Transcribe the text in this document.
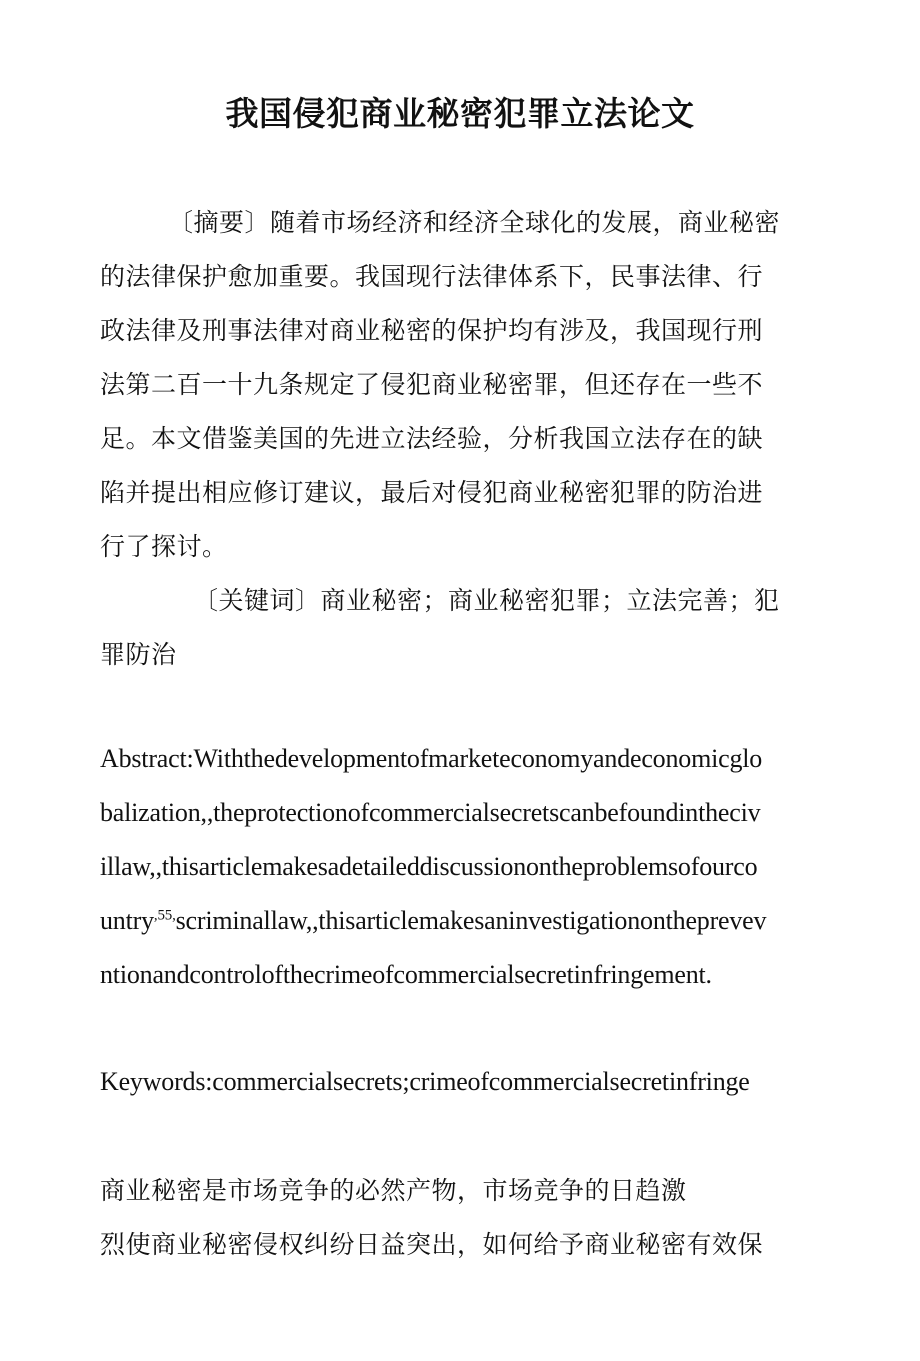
我国侵犯商业秘密犯罪立法论文

〔摘要〕随着市场经济和经济全球化的发展，商业秘密

的法律保护愈加重要。我国现行法律体系下，民事法律、行

政法律及刑事法律对商业秘密的保护均有涉及，我国现行刑

法第二百一十九条规定了侵犯商业秘密罪，但还存在一些不

足。本文借鉴美国的先进立法经验，分析我国立法存在的缺

陷并提出相应修订建议，最后对侵犯商业秘密犯罪的防治进

行了探讨。

〔关键词〕商业秘密；商业秘密犯罪；立法完善；犯

罪防治

Abstract:Withthedevelopmentofmarketeconomyandeconomicglo

balization,,theprotectionofcommercialsecretscanbefoundintheciv

illaw,,thisarticlemakesadetaileddiscussionontheproblemsofourco

untry$^{,55,}$scriminallaw,,thisarticlemakesaninvestigationontheprevev

ntionandcontrolofthecrimeofcommercialsecretinfringement.

Keywords:commercialsecrets;crimeofcommercialsecretinfringe

商业秘密是市场竞争的必然产物，市场竞争的日趋激

烈使商业秘密侵权纠纷日益突出，如何给予商业秘密有效保
